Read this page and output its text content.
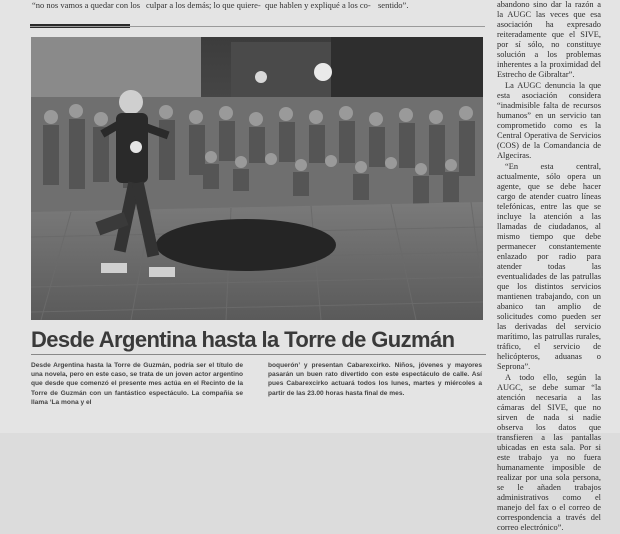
“no nos vamos a quedar con los culpar a los demás; lo que quiere- que hablen y expliqué a los co- sentido”.
Desde Argentina hasta la Torre de Guzmán

Desde Argentina hasta la Torre de Guzmán, podría ser el título de una novela, pero en este caso, se trata de un joven actor argentino que desde que comenzó el presente mes actúa en el Recinto de la Torre de Guzmán con un fantástico espectáculo. La compañía se llama ‘La mona y el

boquerón’ y presentan Cabarexcirko. Niños, jóvenes y mayores pasarán un buen rato divertido con este espectáculo de calle. Así pues Cabarexcirko actuará todos los lunes, martes y miércoles a partir de las 23.00 horas hasta final de mes.

abandono sino dar la razón a la AUGC las veces que esa asociación ha expresado reiteradamente que el SIVE, por sí sólo, no constituye solución a los problemas inherentes a la proximidad del Estrecho de Gibraltar”.

La AUGC denuncia la que esta asociación considera “inadmisible falta de recursos humanos” en un servicio tan comprometido como es la Central Operativa de Servicios (COS) de la Comandancia de Algeciras.

“En esta central, actualmente, sólo opera un agente, que se debe hacer cargo de atender cuatro líneas telefónicas, entre las que se incluye la atención a las llamadas de ciudadanos, al mismo tiempo que debe permanecer constantemente enlazado por radio para atender todas las eventualidades de las patrullas que los distintos servicios mantienen trabajando, con un abanico tan amplio de solicitudes como pueden ser las derivadas del servicio marítimo, las patrullas rurales, tráfico, el servicio de helicópteros, aduanas o Seprona”.

A todo ello, según la AUGC, se debe sumar “la atención necesaria a las cámaras del SIVE, que no sirven de nada si nadie observa los datos que transfieren a las pantallas ubicadas en esta sala. Por si este trabajo ya no fuera humanamente imposible de realizar por una sola persona, se le añaden trabajos administrativos como el manejo del fax o el correo de correspondencia a través del correo electrónico”.
